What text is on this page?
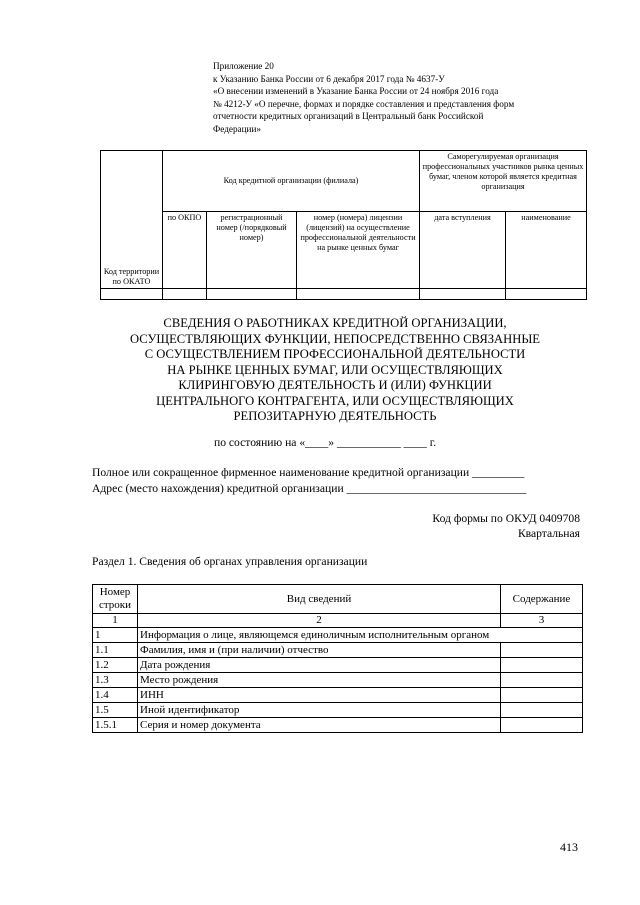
Приложение 20
к Указанию Банка России от 6 декабря 2017 года № 4637-У
«О внесении изменений в Указание Банка России от 24 ноября 2016 года
№ 4212-У «О перечне, формах и порядке составления и представления форм
отчетности кредитных организаций в Центральный банк Российской
Федерации»
Код территории по ОКАТО	Код кредитной организации (филиала)			Саморегулируемая организация профессиональных участников рынка ценных бумаг, членом которой является кредитная организация	
	по ОКПО	регистрационный номер (/порядковый номер)	номер (номера) лицензии (лицензий) на осуществление профессиональной деятельности на рынке ценных бумаг	дата вступления	наименование

СВЕДЕНИЯ О РАБОТНИКАХ КРЕДИТНОЙ ОРГАНИЗАЦИИ,
ОСУЩЕСТВЛЯЮЩИХ ФУНКЦИИ, НЕПОСРЕДСТВЕННО СВЯЗАННЫЕ
С ОСУЩЕСТВЛЕНИЕМ ПРОФЕССИОНАЛЬНОЙ ДЕЯТЕЛЬНОСТИ
НА РЫНКЕ ЦЕННЫХ БУМАГ, ИЛИ ОСУЩЕСТВЛЯЮЩИХ
КЛИРИНГОВУЮ ДЕЯТЕЛЬНОСТЬ И (ИЛИ) ФУНКЦИИ
ЦЕНТРАЛЬНОГО КОНТРАГЕНТА, ИЛИ ОСУЩЕСТВЛЯЮЩИХ
РЕПОЗИТАРНУЮ ДЕЯТЕЛЬНОСТЬ
по состоянию на «____» ___________ ____ г.
Полное или сокращенное фирменное наименование кредитной организации _________
Адрес (место нахождения) кредитной организации _______________________________
Код формы по ОКУД 0409708
Квартальная
Раздел 1. Сведения об органах управления организации
Номер строки	Вид сведений	Содержание
1	2	3
1	Информация о лице, являющемся единоличным исполнительным органом	
1.1	Фамилия, имя и (при наличии) отчество	
1.2	Дата рождения	
1.3	Место рождения	
1.4	ИНН	
1.5	Иной идентификатор	
1.5.1	Серия и номер документа	
413
